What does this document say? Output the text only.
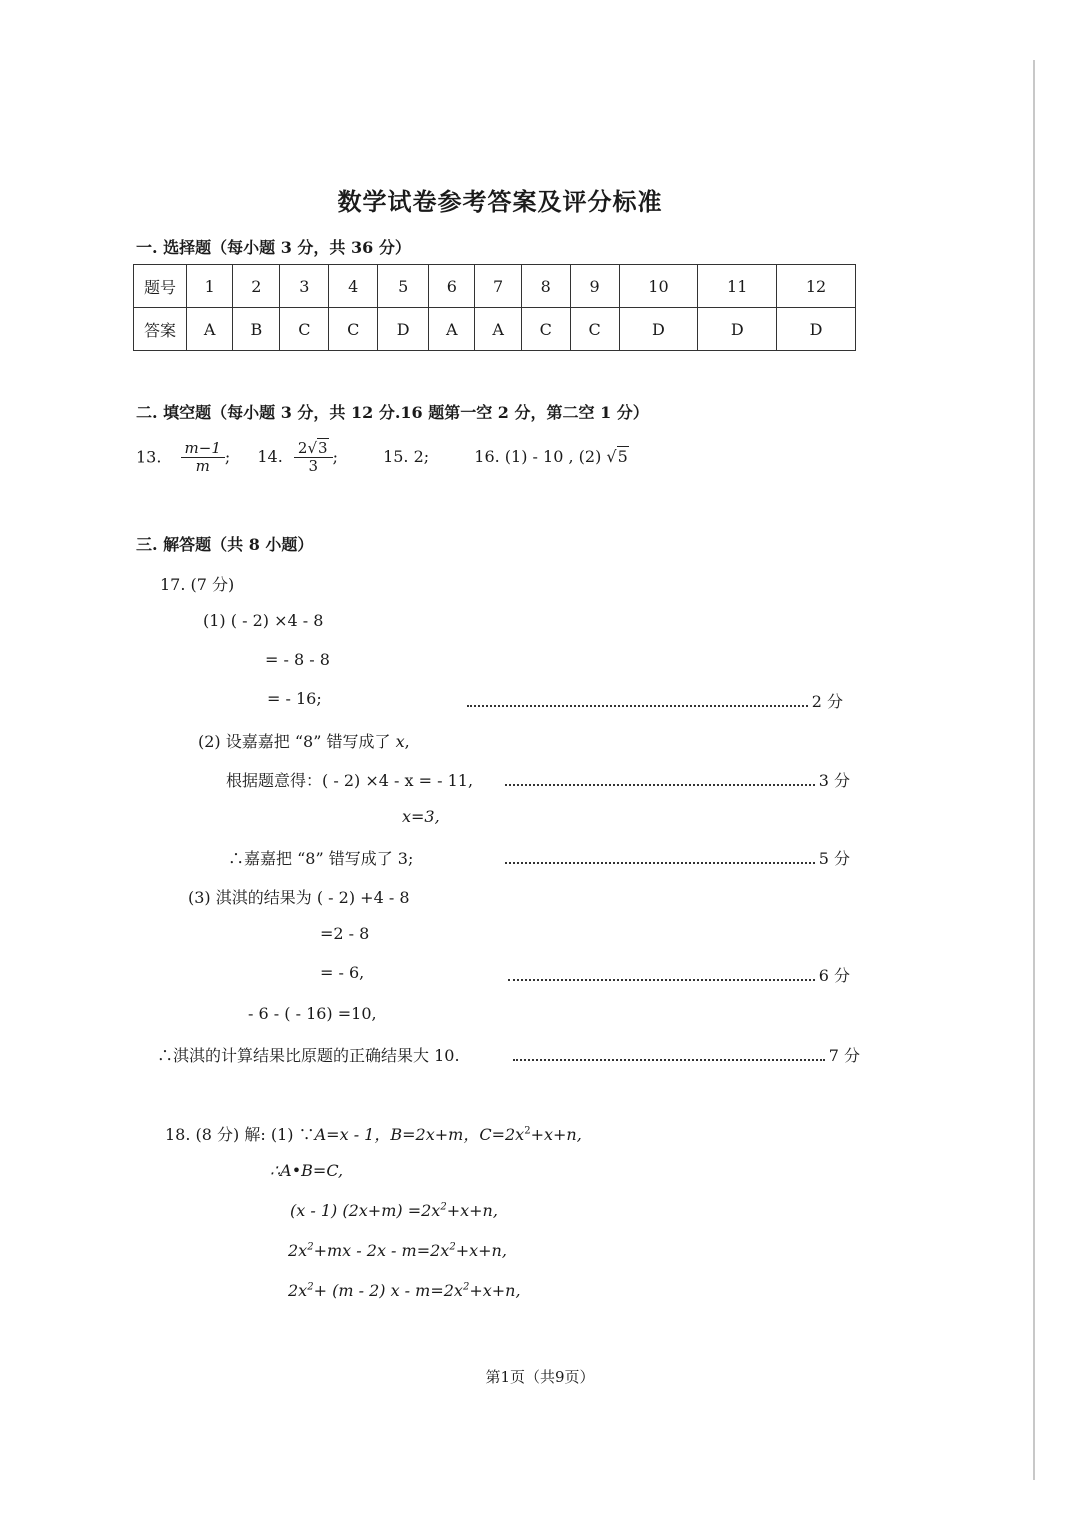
数学试卷参考答案及评分标准
一. 选择题（每小题 3 分，共 36 分）
题号	1	2	3	4	5	6	7	8	9	10	11	12
答案	A	B	C	C	D	A	A	C	C	D	D	D
二. 填空题（每小题 3 分，共 12 分.16 题第一空 2 分，第二空 1 分）
13. $\frac{m-1}{m}$ ; 14. $\frac{2√3}{3}$ ;	15. 2;	16. (1) - 10 , (2) √5
三. 解答题（共 8 小题）
17. (7 分)
(1) ( - 2) ×4 - 8
= - 8 - 8
= - 16;	2 分
(2) 设嘉嘉把 “8” 错写成了 x,
根据题意得：( - 2) ×4 - x = - 11,	3 分
x=3,
∴嘉嘉把 “8” 错写成了 3;	5 分
(3) 淇淇的结果为 ( - 2) +4 - 8
=2 - 8
= - 6,	6 分
- 6 - ( - 16) =10,
∴淇淇的计算结果比原题的正确结果大 10.	7 分
18. (8 分) 解: (1) ∵A=x - 1，B=2x+m，$C=2x^2+x+n$,
∴A•B=C,
(x - 1) $(2x+m) =2x^2+x+n$,
$2x^2+mx - 2x - m=2x^2+x+n$,
$2x^2+ (m - 2)$ $x - m=2x^2+x+n$,
第1页（共9页）
